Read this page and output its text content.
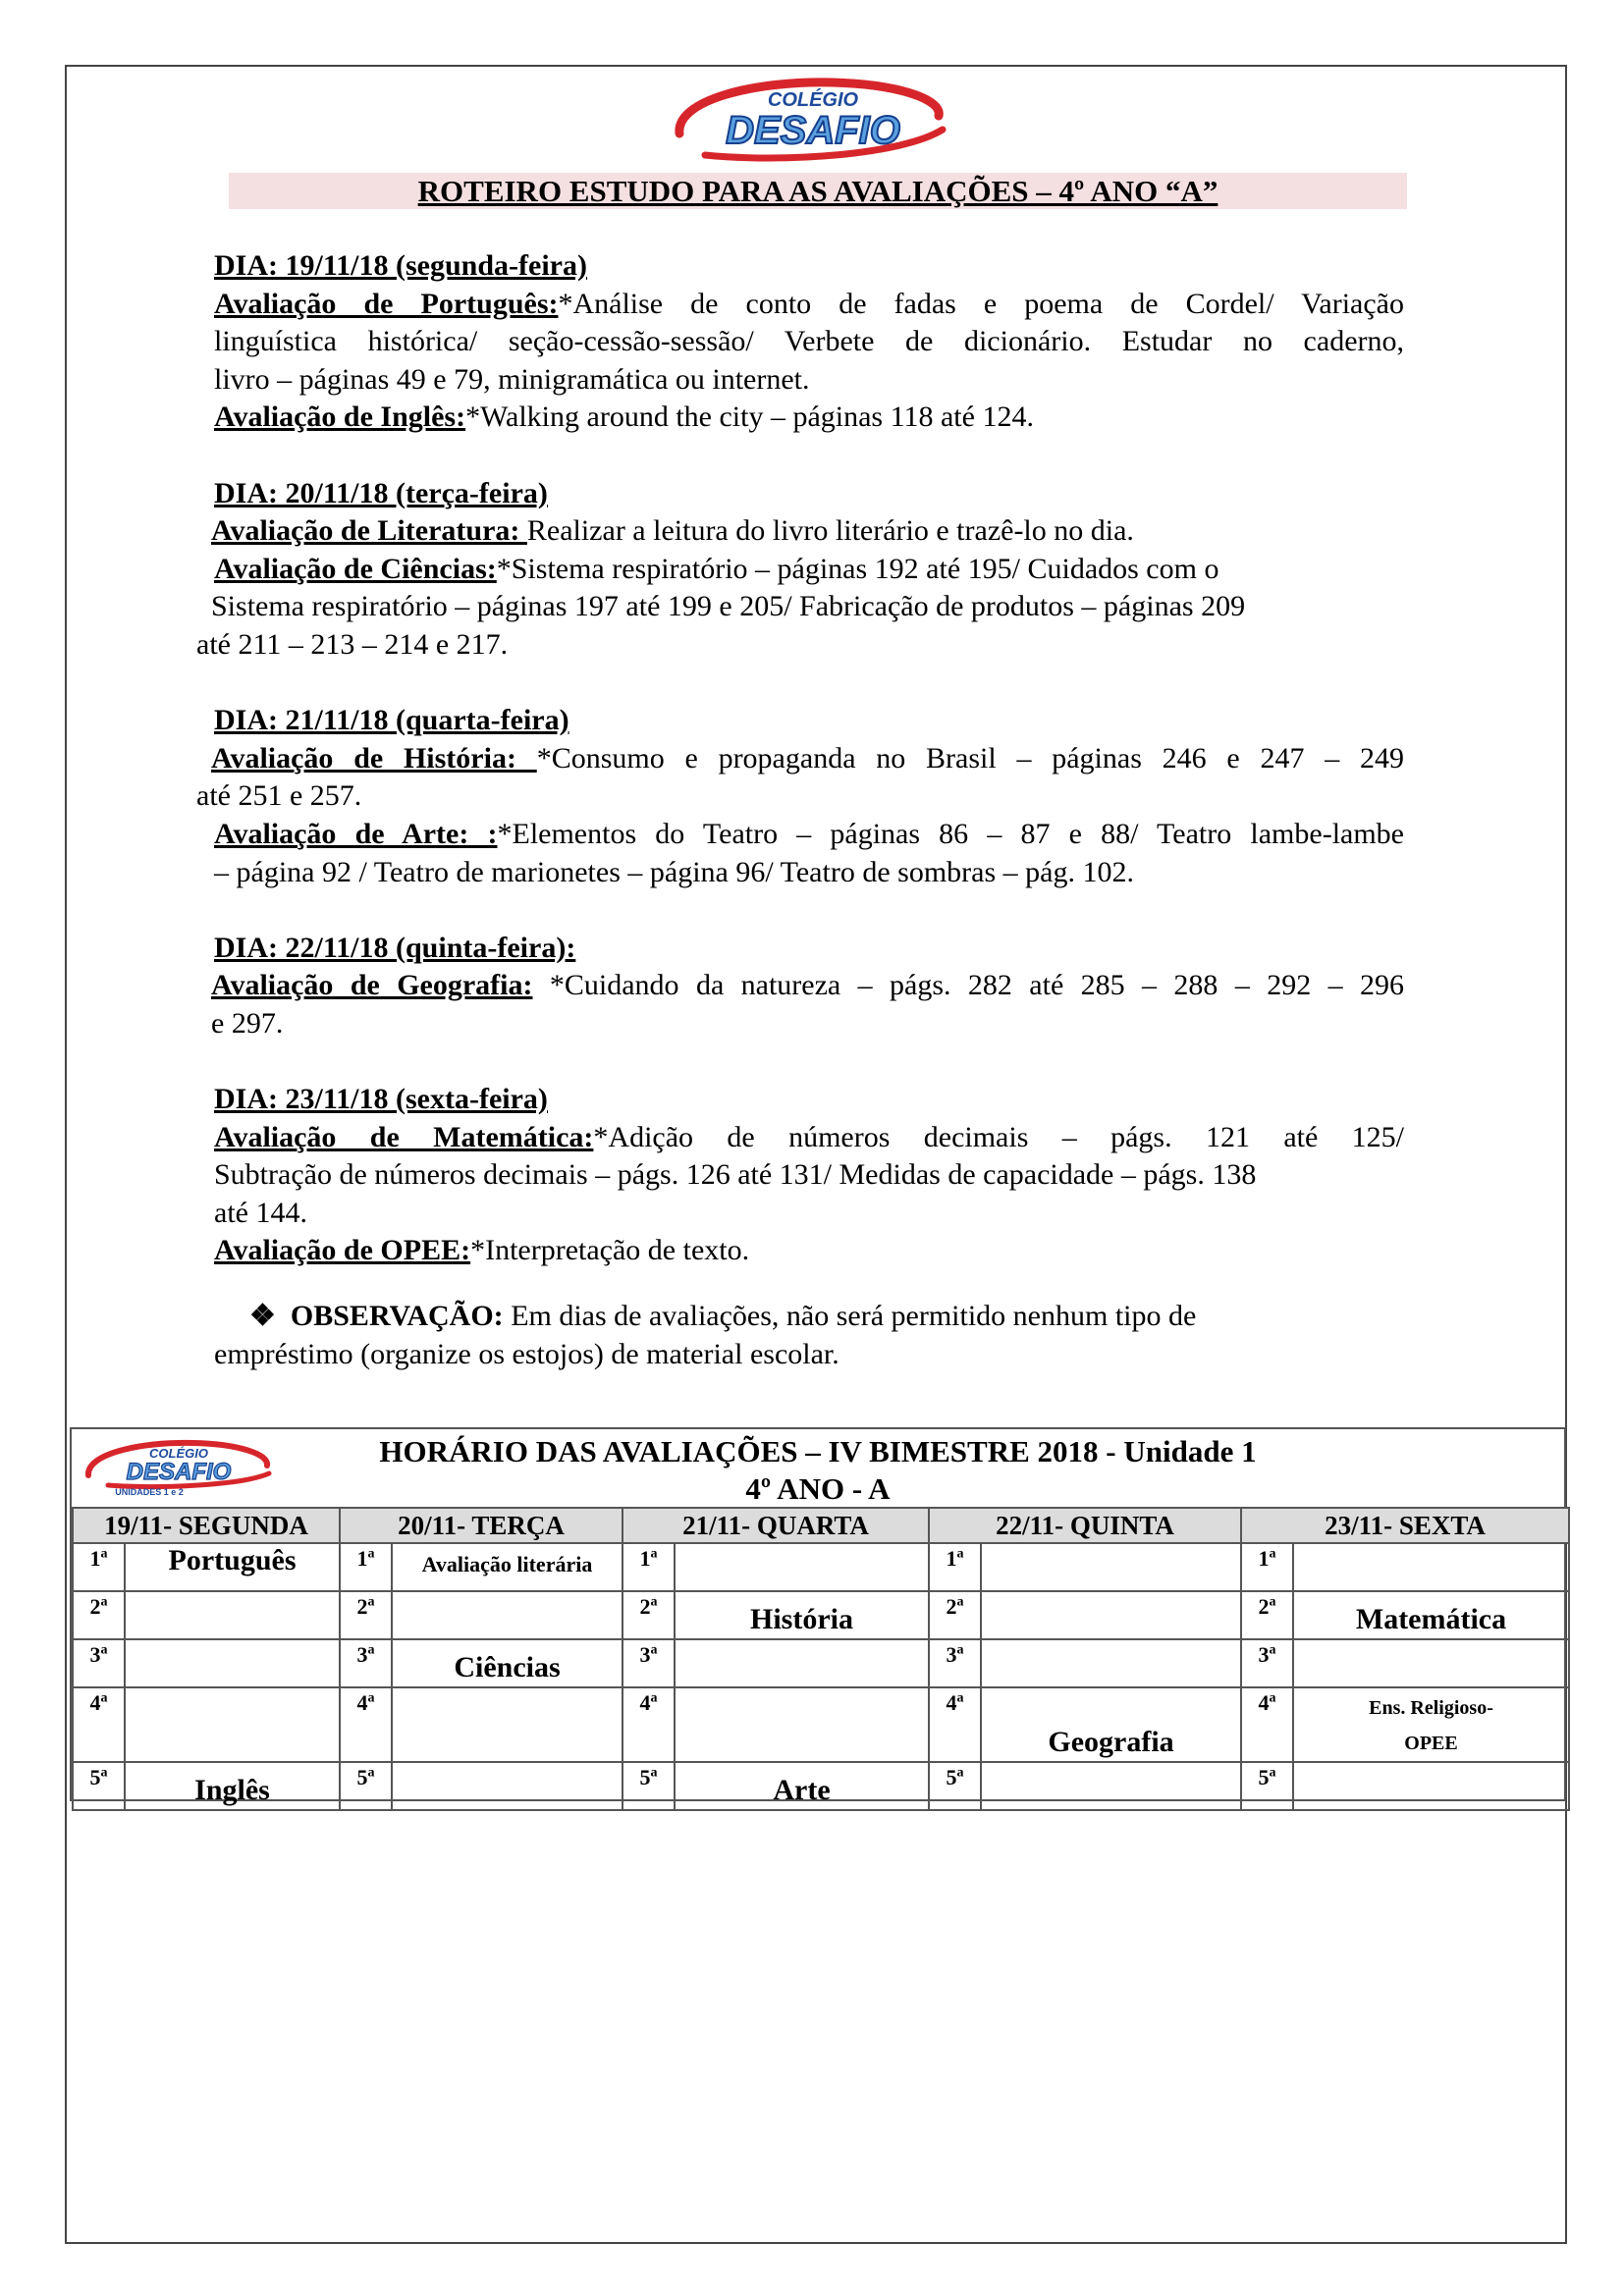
COLÉGIO
DESAFIO
ROTEIRO ESTUDO PARA AS AVALIAÇÕES – 4º ANO “A”
DIA: 19/11/18 (segunda-feira)
Avaliação de Português:*Análise de conto de fadas e poema de Cordel/ Variação
linguística histórica/ seção-cessão-sessão/ Verbete de dicionário. Estudar no caderno,
livro – páginas 49 e 79, minigramática ou internet.
Avaliação de Inglês:*Walking around the city – páginas 118 até 124.
DIA: 20/11/18 (terça-feira)
Avaliação de Literatura: Realizar a leitura do livro literário e trazê-lo no dia.
Avaliação de Ciências:*Sistema respiratório – páginas 192 até 195/ Cuidados com o
Sistema respiratório – páginas 197 até 199 e 205/ Fabricação de produtos – páginas 209
até 211 – 213 – 214 e 217.
DIA: 21/11/18 (quarta-feira)
Avaliação de História: *Consumo e propaganda no Brasil – páginas 246 e 247 – 249
até 251 e 257.
Avaliação de Arte: :*Elementos do Teatro – páginas 86 – 87 e 88/ Teatro lambe-lambe
– página 92 / Teatro de marionetes – página 96/ Teatro de sombras – pág. 102.
DIA: 22/11/18 (quinta-feira):
Avaliação de Geografia: *Cuidando da natureza – págs. 282 até 285 – 288 – 292 – 296
e 297.
DIA: 23/11/18 (sexta-feira)
Avaliação de Matemática:*Adição de números decimais – págs. 121 até 125/
Subtração de números decimais – págs. 126 até 131/ Medidas de capacidade – págs. 138
até 144.
Avaliação de OPEE:*Interpretação de texto.
❖ OBSERVAÇÃO: Em dias de avaliações, não será permitido nenhum tipo de
empréstimo (organize os estojos) de material escolar.
HORÁRIO DAS AVALIAÇÕES – IV BIMESTRE 2018 - Unidade 1
4º ANO - A
19/11- SEGUNDA		20/11- TERÇA		21/11- QUARTA		22/11- QUINTA		23/11- SEXTA	
1$^a$	Português	1$^a$	Avaliação literária	1$^a$		1$^a$		1$^a$	
2$^a$		2$^a$		2$^a$	História	2$^a$		2$^a$	Matemática
3$^a$		3$^a$	Ciências	3$^a$		3$^a$		3$^a$	
4$^a$		4$^a$		4$^a$		4$^a$	Geografia	4$^a$	Ens. Religioso-
OPEE

5$^a$	Inglês	5$^a$		5$^a$	Arte	5$^a$		5$^a$	
COLÉGIO
DESAFIO
UNIDADES 1 e 2
